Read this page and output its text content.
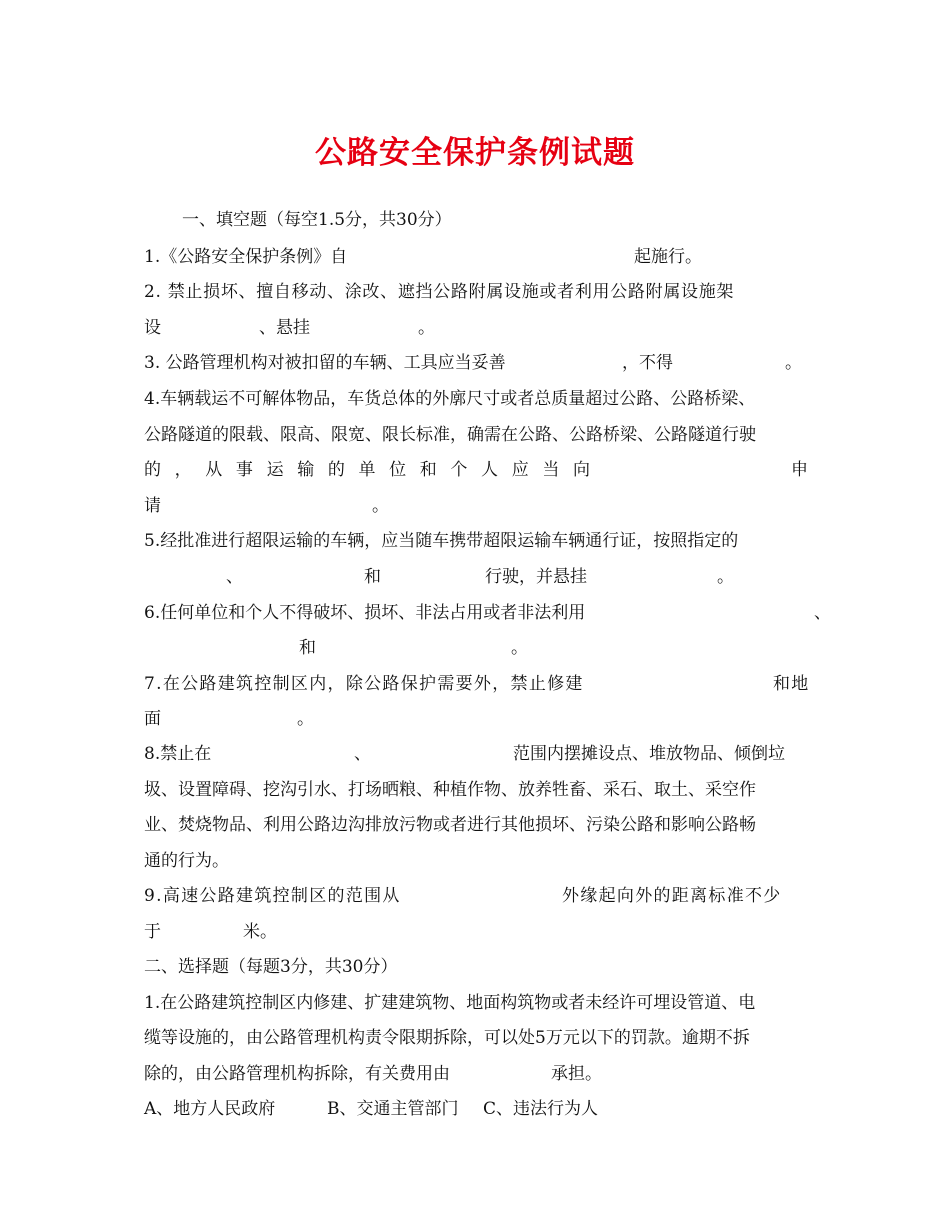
公路安全保护条例试题
一、填空题（每空1.5分，共30分）
1.《公路安全保护条例》自	起施行。
2. 禁止损坏、擅自移动、涂改、遮挡公路附属设施或者利用公路附属设施架
设	、悬挂	。
3. 公路管理机构对被扣留的车辆、工具应当妥善	，不得	。
4.车辆载运不可解体物品，车货总体的外廓尺寸或者总质量超过公路、公路桥梁、
公路隧道的限载、限高、限宽、限长标准，确需在公路、公路桥梁、公路隧道行驶
的 ， 从 事 运 输 的 单 位 和 个 人 应 当 向	申
请	。
5.经批准进行超限运输的车辆，应当随车携带超限运输车辆通行证，按照指定的
、	和	行驶，并悬挂	。
6.任何单位和个人不得破坏、损坏、非法占用或者非法利用	、
和	。
7.在公路建筑控制区内，除公路保护需要外，禁止修建	和地
面	。
8.禁止在	、	范围内摆摊设点、堆放物品、倾倒垃
圾、设置障碍、挖沟引水、打场晒粮、种植作物、放养牲畜、采石、取土、采空作
业、焚烧物品、利用公路边沟排放污物或者进行其他损坏、污染公路和影响公路畅
通的行为。
9.高速公路建筑控制区的范围从	外缘起向外的距离标准不少
于	米。
二、选择题（每题3分，共30分）
1.在公路建筑控制区内修建、扩建建筑物、地面构筑物或者未经许可埋设管道、电
缆等设施的，由公路管理机构责令限期拆除，可以处5万元以下的罚款。逾期不拆
除的，由公路管理机构拆除，有关费用由	承担。
A、地方人民政府	B、交通主管部门 C、违法行为人
